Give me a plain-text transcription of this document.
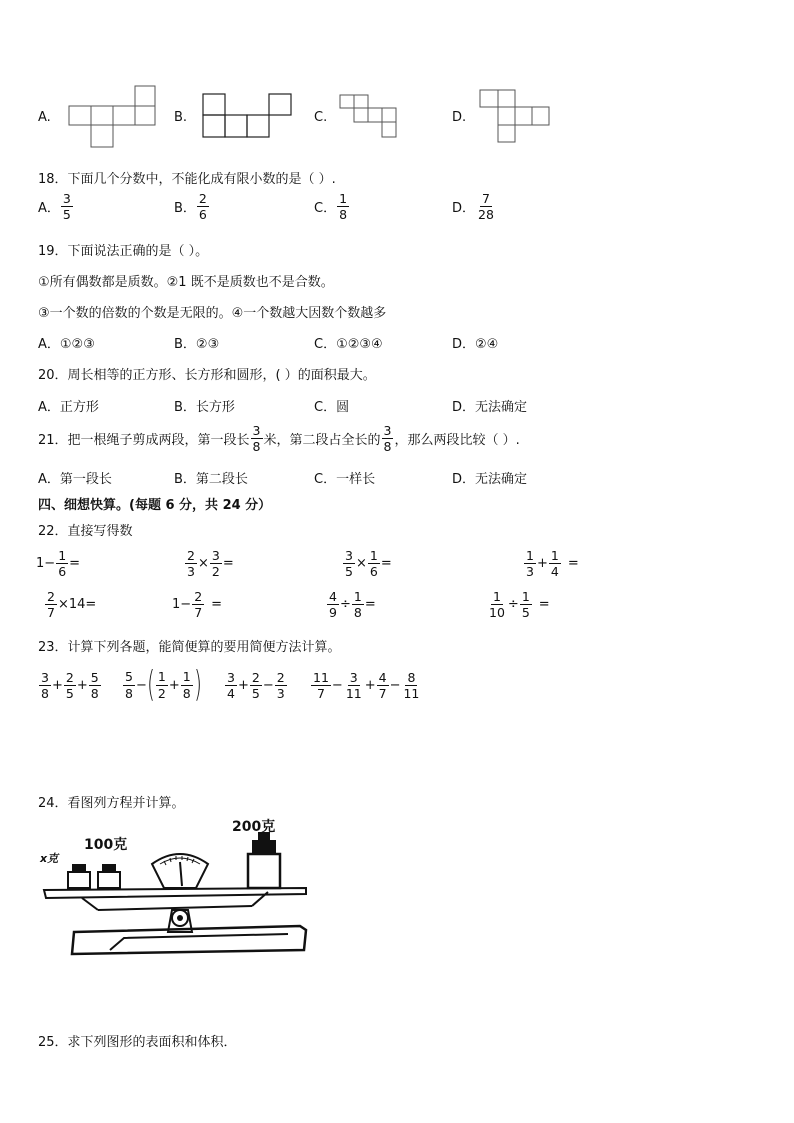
A.	B.	C.	D.
18．下面几个分数中，不能化成有限小数的是（ ）.
A． $\frac{3}{5}$	B． $\frac{2}{6}$	C． $\frac{1}{8}$	D． $\frac{7}{28}$
19．下面说法正确的是（ ）。
①所有偶数都是质数。②1 既不是质数也不是合数。
③一个数的倍数的个数是无限的。④一个数越大因数个数越多
A．①②③	B．②③	C．①②③④	D．②④
20．周长相等的正方形、长方形和圆形，( ）的面积最大。
A．正方形	B．长方形	C．圆	D．无法确定
21．把一根绳子剪成两段，第一段长 $\frac{3}{8}$ 米，第二段占全长的 $\frac{3}{8}$ ，那么两段比较（ ）.
A．第一段长	B．第二段长	C．一样长	D．无法确定
四、细想快算。(每题 6 分，共 24 分）
22．直接写得数
$1 - \frac{1}{6}$ =	$\frac{2}{3} \times \frac{3}{2}$ =	$\frac{3}{5} \times \frac{1}{6}$ =	$\frac{1}{3} + \frac{1}{4}$ =
$\frac{2}{7} \times 14$ =	$1 - \frac{2}{7}$ =	$\frac{4}{9} \div \frac{1}{8}$ =	$\frac{1}{10} \div \frac{1}{5}$ =
23．计算下列各题，能简便算的要用简便方法计算。
$\frac{3}{8} + \frac{2}{5} + \frac{5}{8} \frac{5}{8}$ − ( $\frac{1}{2} + \frac{1}{8}$ ) $\frac{3}{4} + \frac{2}{5} - \frac{2}{3} \frac{11}{7} - \frac{3}{11} + \frac{4}{7} - \frac{8}{11}$
24．看图列方程并计算。
x克
100克
200克
25．求下列图形的表面积和体积．
